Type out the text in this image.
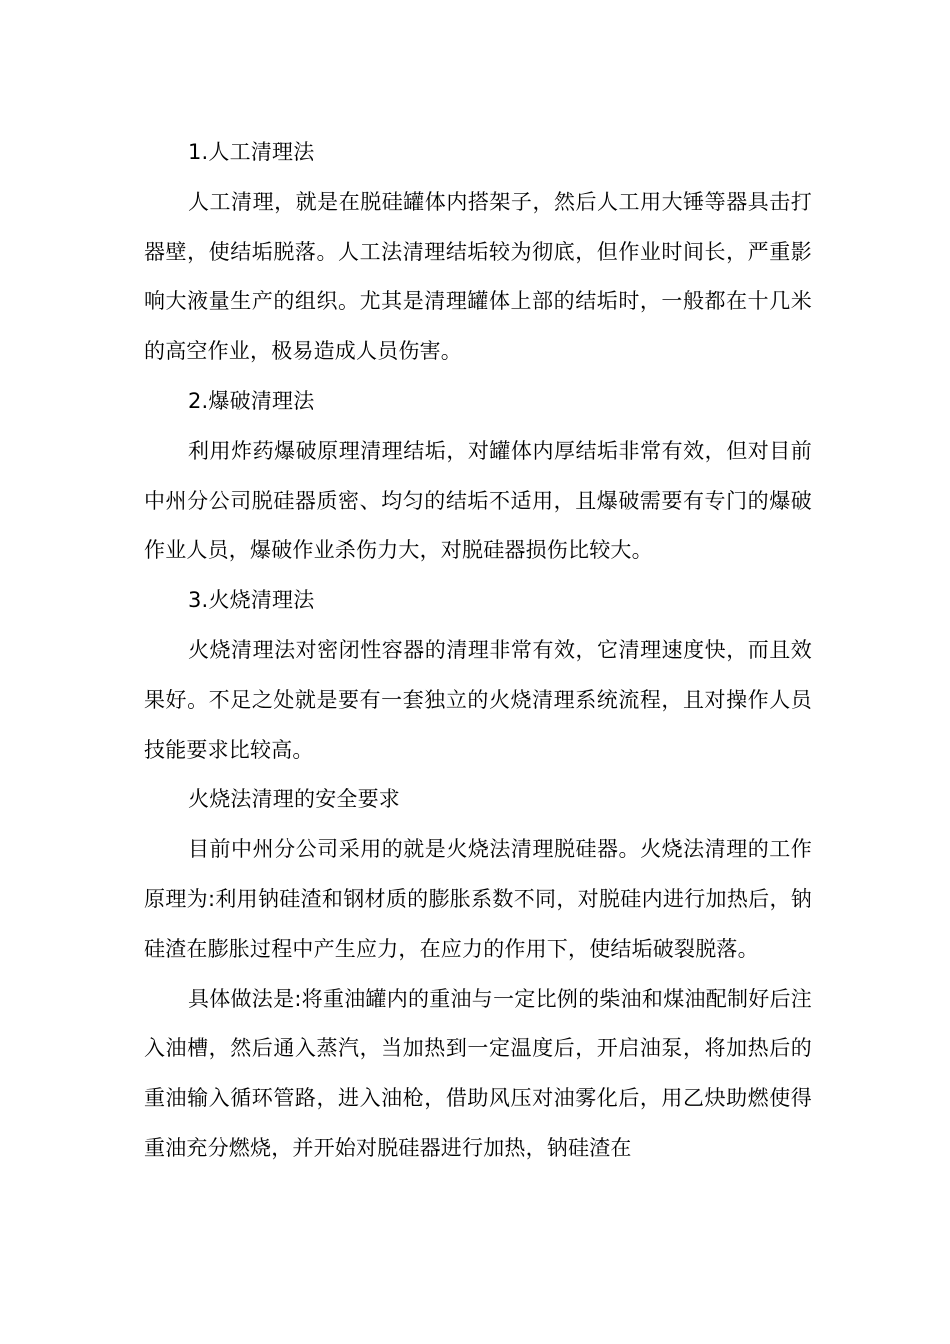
1.人工清理法

人工清理，就是在脱硅罐体内搭架子，然后人工用大锤等器具击打器壁，使结垢脱落。人工法清理结垢较为彻底，但作业时间长，严重影响大液量生产的组织。尤其是清理罐体上部的结垢时，一般都在十几米的高空作业，极易造成人员伤害。

2.爆破清理法

利用炸药爆破原理清理结垢，对罐体内厚结垢非常有效，但对目前中州分公司脱硅器质密、均匀的结垢不适用，且爆破需要有专门的爆破作业人员，爆破作业杀伤力大，对脱硅器损伤比较大。

3.火烧清理法

火烧清理法对密闭性容器的清理非常有效，它清理速度快，而且效果好。不足之处就是要有一套独立的火烧清理系统流程，且对操作人员技能要求比较高。

火烧法清理的安全要求

目前中州分公司采用的就是火烧法清理脱硅器。火烧法清理的工作原理为:利用钠硅渣和钢材质的膨胀系数不同，对脱硅内进行加热后，钠硅渣在膨胀过程中产生应力，在应力的作用下，使结垢破裂脱落。

具体做法是:将重油罐内的重油与一定比例的柴油和煤油配制好后注入油槽，然后通入蒸汽，当加热到一定温度后，开启油泵，将加热后的重油输入循环管路，进入油枪，借助风压对油雾化后，用乙炔助燃使得重油充分燃烧，并开始对脱硅器进行加热，钠硅渣在
